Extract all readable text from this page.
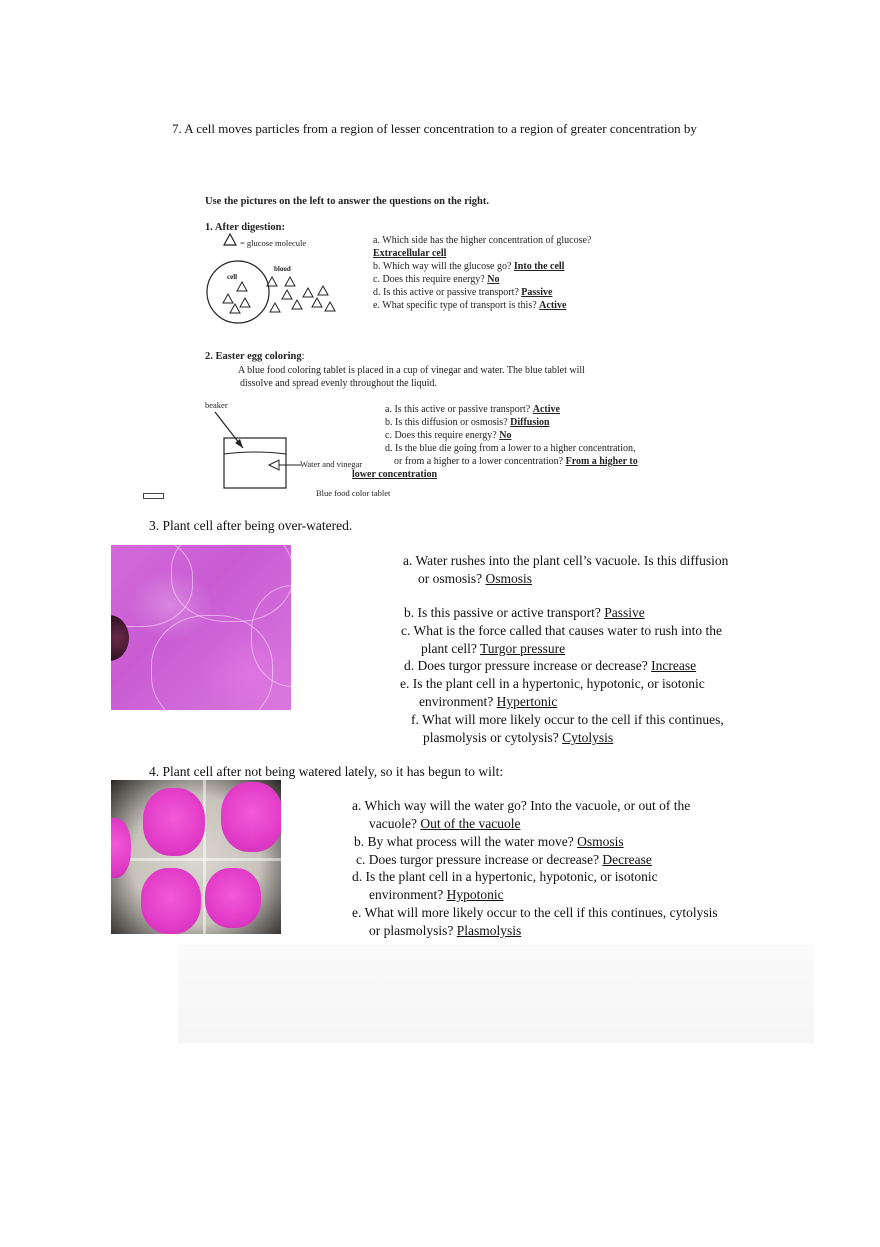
7. A cell moves particles from a region of lesser concentration to a region of greater concentration by
Use the pictures on the left to answer the questions on the right.
1. After digestion:
= glucose molecule
cell
blood
a. Which side has the higher concentration of glucose?
Extracellular cell
b. Which way will the glucose go? Into the cell
c. Does this require energy? No
d. Is this active or passive transport? Passive
e. What specific type of transport is this? Active
2. Easter egg coloring:
A blue food coloring tablet is placed in a cup of vinegar and water. The blue tablet will
dissolve and spread evenly throughout the liquid.
beaker
Water and vinegar
Blue food color tablet
a. Is this active or passive transport? Active
b. Is this diffusion or osmosis? Diffusion
c. Does this require energy? No
d. Is the blue die going from a lower to a higher concentration,
or from a higher to a lower concentration? From a higher to
lower concentration
3. Plant cell after being over-watered.
a. Water rushes into the plant cell’s vacuole. Is this diffusion
or osmosis? Osmosis
b. Is this passive or active transport? Passive
c. What is the force called that causes water to rush into the
plant cell? Turgor pressure
d. Does turgor pressure increase or decrease? Increase
e. Is the plant cell in a hypertonic, hypotonic, or isotonic
environment? Hypertonic
f. What will more likely occur to the cell if this continues,
plasmolysis or cytolysis? Cytolysis
4. Plant cell after not being watered lately, so it has begun to wilt:
a. Which way will the water go? Into the vacuole, or out of the
vacuole? Out of the vacuole
b. By what process will the water move? Osmosis
c. Does turgor pressure increase or decrease? Decrease
d. Is the plant cell in a hypertonic, hypotonic, or isotonic
environment? Hypotonic
e. What will more likely occur to the cell if this continues, cytolysis
or plasmolysis? Plasmolysis
